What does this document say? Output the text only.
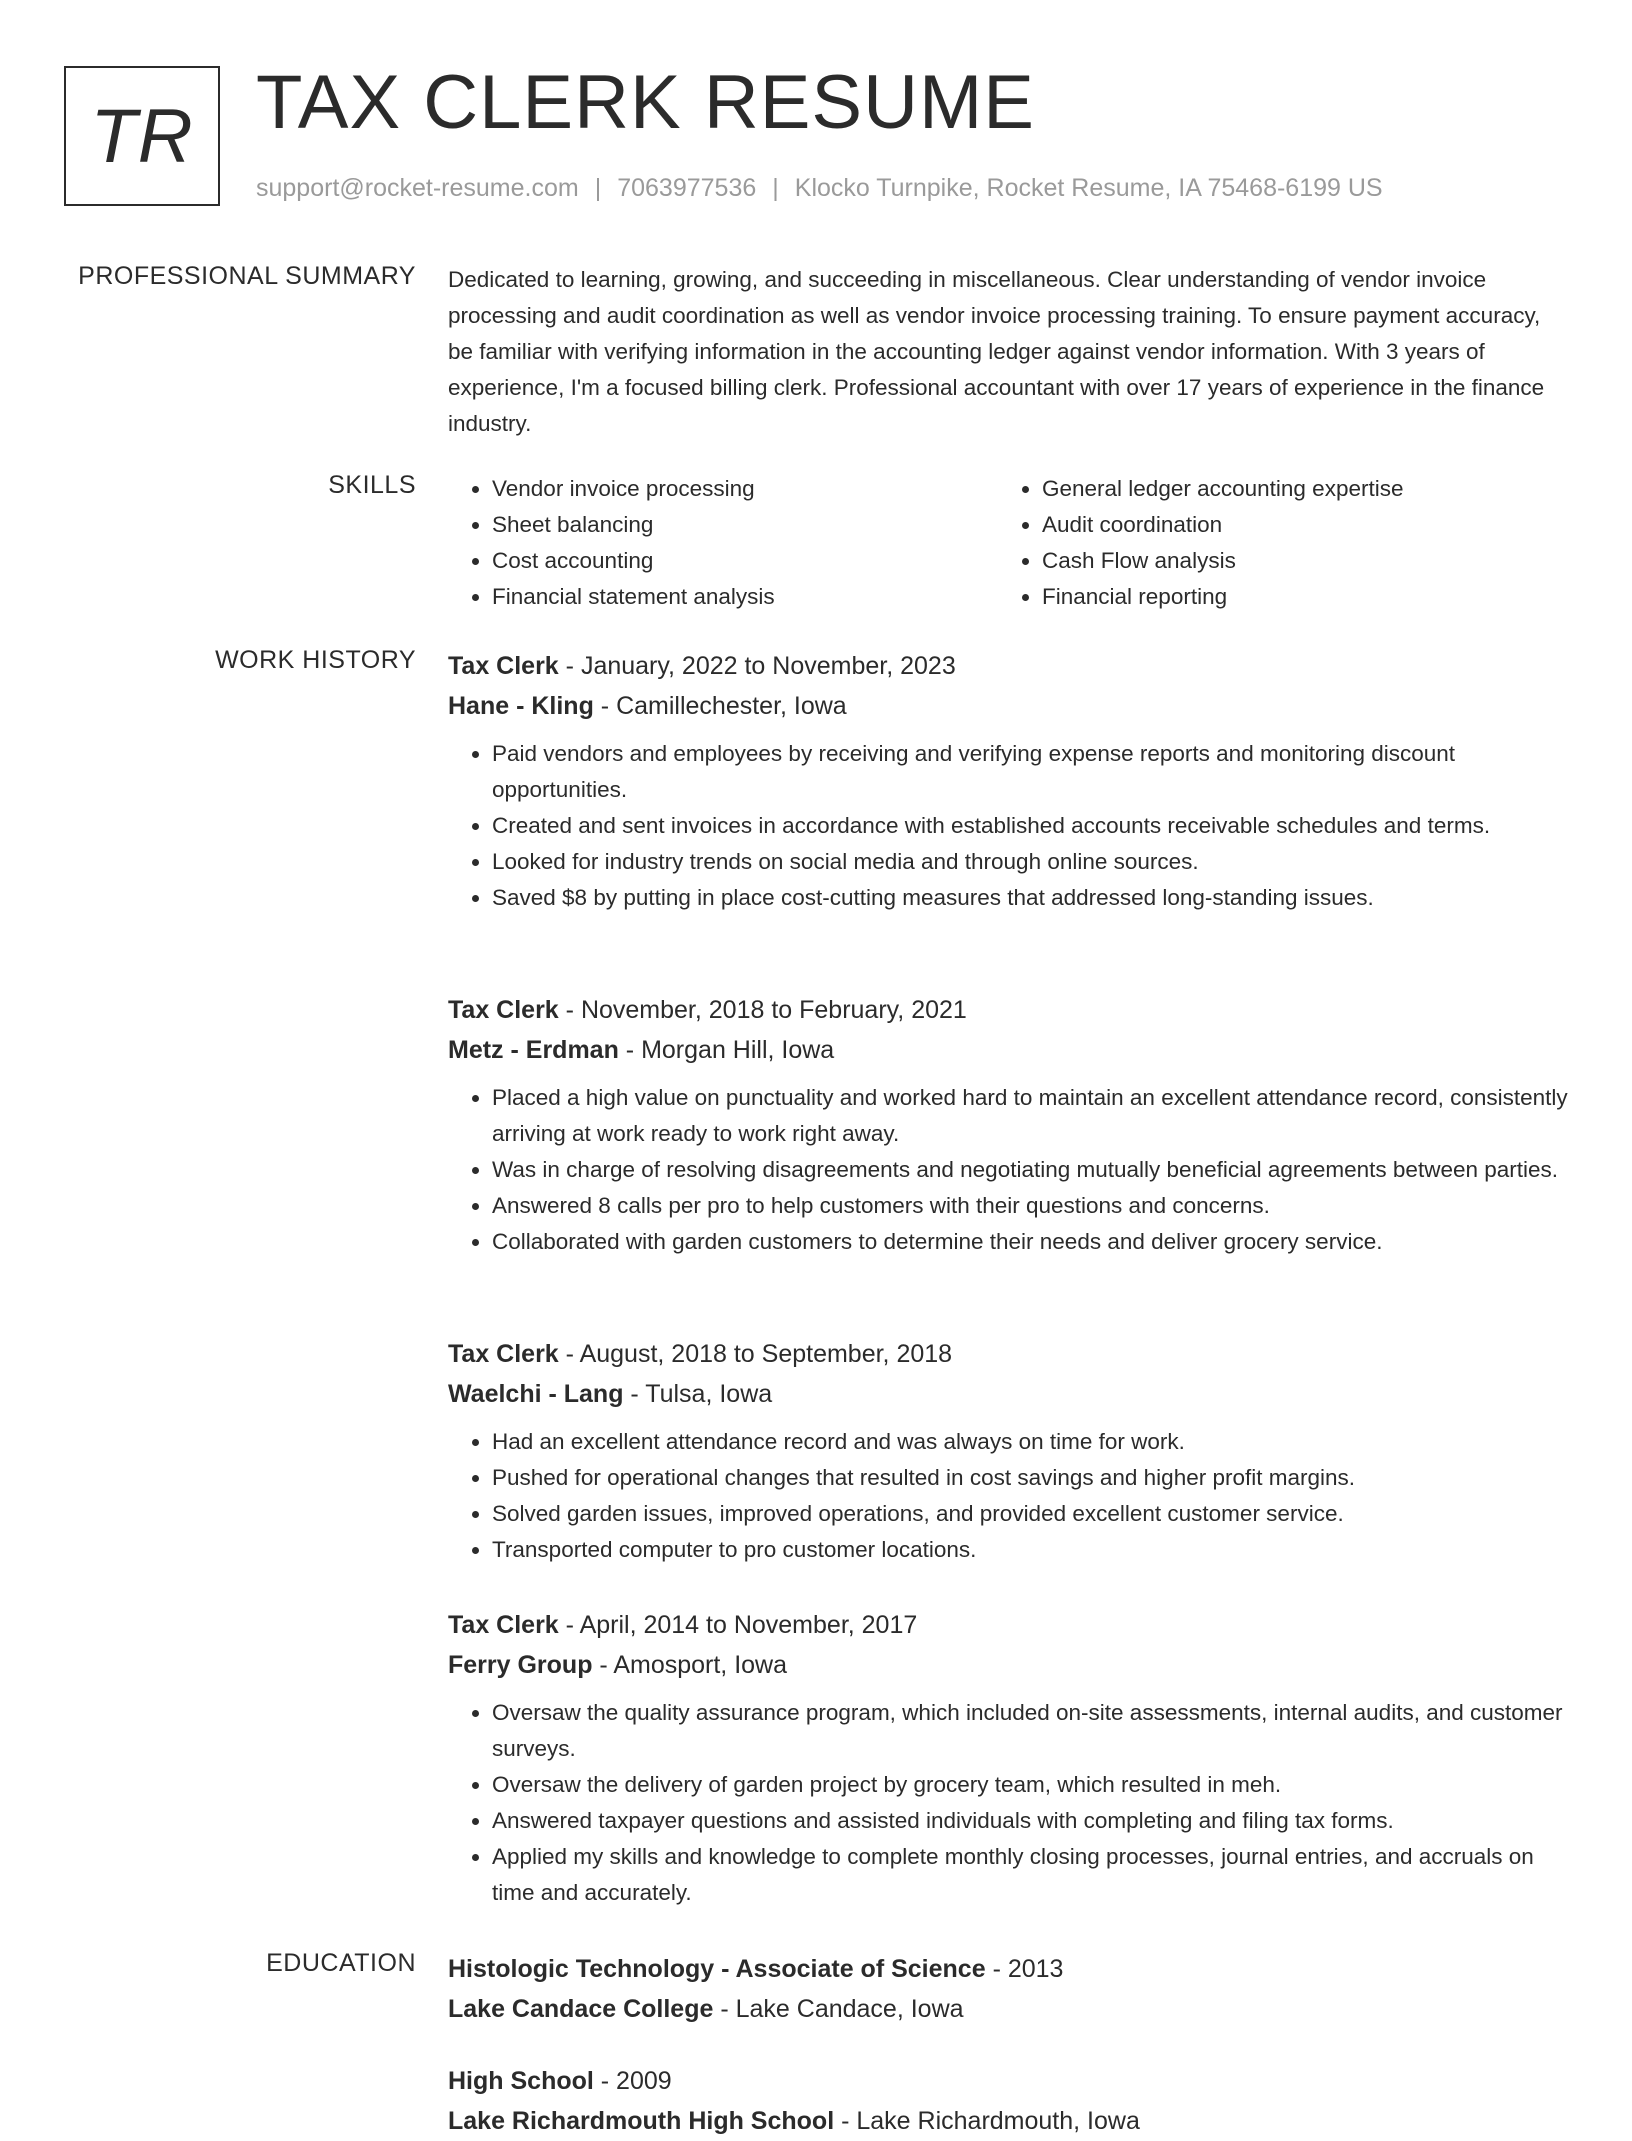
TR TAX CLERK RESUME
support@rocket-resume.com | 7063977536 | Klocko Turnpike, Rocket Resume, IA 75468-6199 US
PROFESSIONAL SUMMARY Dedicated to learning, growing, and succeeding in miscellaneous. Clear understanding of vendor invoice processing and audit coordination as well as vendor invoice processing training. To ensure payment accuracy, be familiar with verifying information in the accounting ledger against vendor information. With 3 years of experience, I'm a focused billing clerk. Professional accountant with over 17 years of experience in the finance industry.

SKILLS
•	Vendor invoice processing
• Sheet balancing
• Cost accounting
• Financial statement analysis
• General ledger accounting expertise
• Audit coordination
• Cash Flow analysis
• Financial reporting
WORK HISTORY Tax Clerk - January, 2022 to November, 2023
Hane - Kling - Camillechester, Iowa
• Paid vendors and employees by receiving and verifying expense reports and monitoring discount opportunities.
• Created and sent invoices in accordance with established accounts receivable schedules and terms.
• Looked for industry trends on social media and through online sources.
• Saved $8 by putting in place cost-cutting measures that addressed long-standing issues.
Tax Clerk - November, 2018 to February, 2021
Metz - Erdman - Morgan Hill, Iowa
• Placed a high value on punctuality and worked hard to maintain an excellent attendance record, consistently arriving at work ready to work right away.
• Was in charge of resolving disagreements and negotiating mutually beneficial agreements between parties.
• Answered 8 calls per pro to help customers with their questions and concerns.
• Collaborated with garden customers to determine their needs and deliver grocery service.
Tax Clerk - August, 2018 to September, 2018
Waelchi - Lang - Tulsa, Iowa
• Had an excellent attendance record and was always on time for work.
• Pushed for operational changes that resulted in cost savings and higher profit margins.
• Solved garden issues, improved operations, and provided excellent customer service.
• Transported computer to pro customer locations.
Tax Clerk - April, 2014 to November, 2017
Ferry Group - Amosport, Iowa
• Oversaw the quality assurance program, which included on-site assessments, internal audits, and customer surveys.
• Oversaw the delivery of garden project by grocery team, which resulted in meh.
• Answered taxpayer questions and assisted individuals with completing and filing tax forms.
• Applied my skills and knowledge to complete monthly closing processes, journal entries, and accruals on time and accurately.
EDUCATION Histologic Technology - Associate of Science - 2013
Lake Candace College - Lake Candace, Iowa
High School - 2009
Lake Richardmouth High School - Lake Richardmouth, Iowa
